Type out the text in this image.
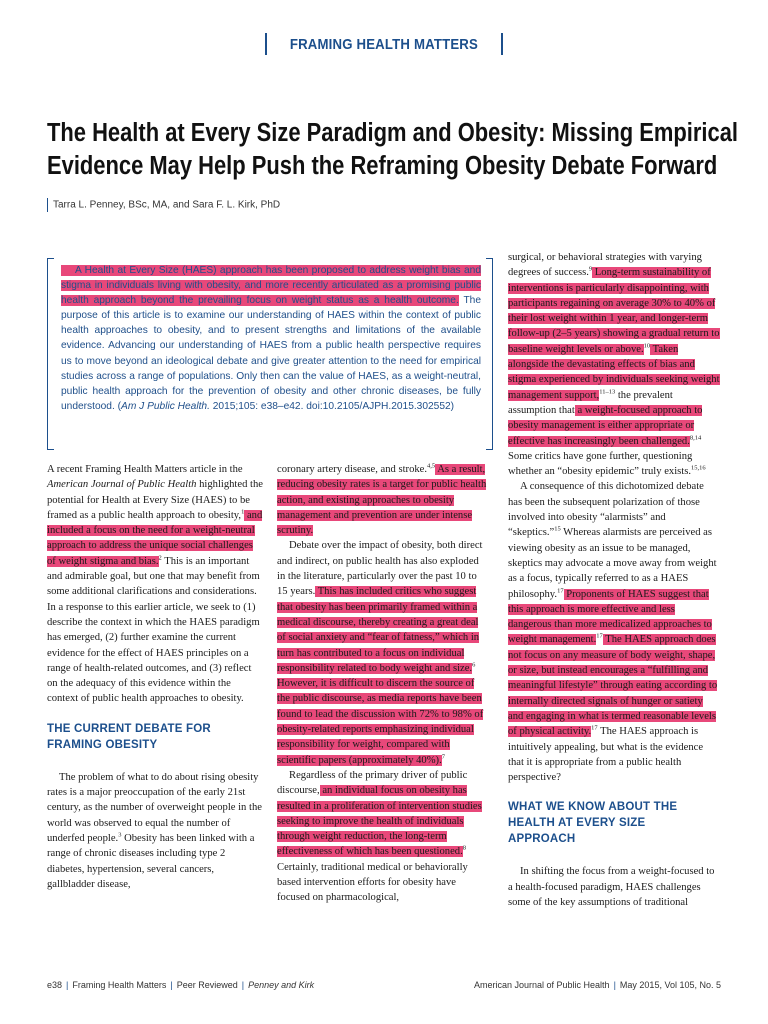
FRAMING HEALTH MATTERS
The Health at Every Size Paradigm and Obesity: Missing Empirical
Evidence May Help Push the Reframing Obesity Debate Forward
Tarra L. Penney, BSc, MA, and Sara F. L. Kirk, PhD
A Health at Every Size (HAES) approach has been proposed to address weight bias and stigma in individuals living with obesity, and more recently articulated as a promising public health approach beyond the prevailing focus on weight status as a health outcome. The purpose of this article is to examine our understanding of HAES within the context of public health approaches to obesity, and to present strengths and limitations of the available evidence. Advancing our understanding of HAES from a public health perspective requires us to move beyond an ideological debate and give greater attention to the need for empirical studies across a range of populations. Only then can the value of HAES, as a weight-neutral, public health approach for the prevention of obesity and other chronic diseases, be fully understood. (Am J Public Health. 2015;105: e38–e42. doi:10.2105/AJPH.2015.302552)

A recent Framing Health Matters article in the American Journal of Public Health highlighted the potential for Health at Every Size (HAES) to be framed as a public health approach to obesity,$^1$ and included a focus on the need for a weight-neutral approach to address the unique social challenges of weight stigma and bias.$^2$ This is an important and admirable goal, but one that may benefit from some additional clarifications and considerations. In a response to this earlier article, we seek to (1) describe the context in which the HAES paradigm has emerged, (2) further examine the current evidence for the effect of HAES principles on a range of health-related outcomes, and (3) reflect on the adequacy of this evidence within the context of public health approaches to obesity.

THE CURRENT DEBATE FOR FRAMING OBESITY

The problem of what to do about rising obesity rates is a major preoccupation of the early 21st century, as the number of overweight people in the world was observed to equal the number of underfed people.$^3$ Obesity has been linked with a range of chronic diseases including type 2 diabetes, hypertension, several cancers, gallbladder disease,

coronary artery disease, and stroke.$^{4,5}$ As a result, reducing obesity rates is a target for public health action, and existing approaches to obesity management and prevention are under intense scrutiny.

Debate over the impact of obesity, both direct and indirect, on public health has also exploded in the literature, particularly over the past 10 to 15 years. This has included critics who suggest that obesity has been primarily framed within a medical discourse, thereby creating a great deal of social anxiety and “fear of fatness,” which in turn has contributed to a focus on individual responsibility related to body weight and size.$^6$ However, it is difficult to discern the source of the public discourse, as media reports have been found to lead the discussion with 72% to 98% of obesity-related reports emphasizing individual responsibility for weight, compared with scientific papers (approximately 40%).$^7$

Regardless of the primary driver of public discourse, an individual focus on obesity has resulted in a proliferation of intervention studies seeking to improve the health of individuals through weight reduction, the long-term effectiveness of which has been questioned.$^8$ Certainly, traditional medical or behaviorally based intervention efforts for obesity have focused on pharmacological,

surgical, or behavioral strategies with varying degrees of success.$^9$ Long-term sustainability of interventions is particularly disappointing, with participants regaining on average 30% to 40% of their lost weight within 1 year, and longer-term follow-up (2–5 years) showing a gradual return to baseline weight levels or above.$^{10}$ Taken alongside the devastating effects of bias and stigma experienced by individuals seeking weight management support,$^{11-13}$ the prevalent assumption that a weight-focused approach to obesity management is either appropriate or effective has increasingly been challenged.$^{8,14}$ Some critics have gone further, questioning whether an “obesity epidemic” truly exists.$^{15,16}$

A consequence of this dichotomized debate has been the subsequent polarization of those involved into obesity “alarmists” and “skeptics.”$^{15}$ Whereas alarmists are perceived as viewing obesity as an issue to be managed, skeptics may advocate a move away from weight as a focus, typically referred to as a HAES philosophy.$^{17}$ Proponents of HAES suggest that this approach is more effective and less dangerous than more medicalized approaches to weight management.$^{17}$ The HAES approach does not focus on any measure of body weight, shape, or size, but instead encourages a “fulfilling and meaningful lifestyle” through eating according to internally directed signals of hunger or satiety and engaging in what is termed reasonable levels of physical activity.$^{17}$ The HAES approach is intuitively appealing, but what is the evidence that it is appropriate from a public health perspective?

WHAT WE KNOW ABOUT THE HEALTH AT EVERY SIZE APPROACH

In shifting the focus from a weight-focused to a health-focused paradigm, HAES challenges some of the key assumptions of traditional

e38 | Framing Health Matters | Peer Reviewed | Penney and Kirk	American Journal of Public Health | May 2015, Vol 105, No. 5
